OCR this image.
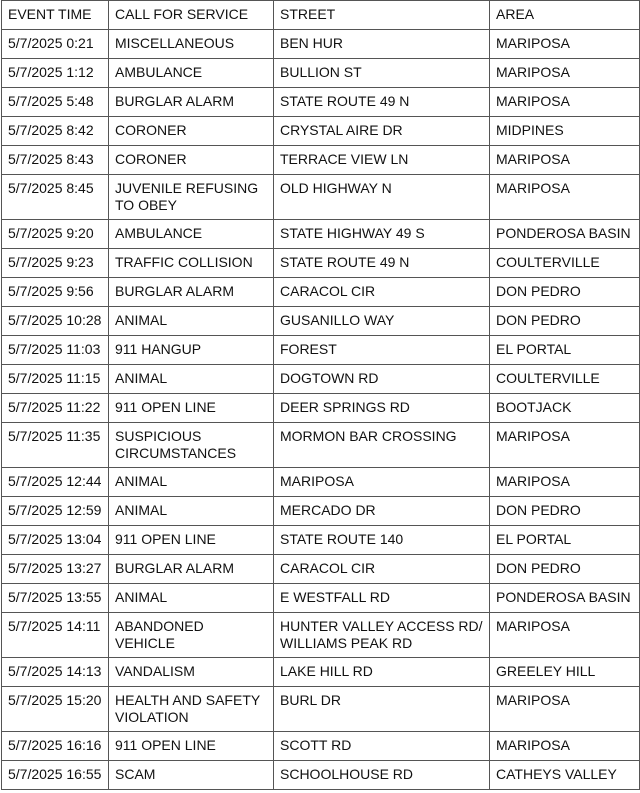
EVENT TIME	CALL FOR SERVICE	STREET	AREA
5/7/2025 0:21	MISCELLANEOUS	BEN HUR	MARIPOSA
5/7/2025 1:12	AMBULANCE	BULLION ST	MARIPOSA
5/7/2025 5:48	BURGLAR ALARM	STATE ROUTE 49 N	MARIPOSA
5/7/2025 8:42	CORONER	CRYSTAL AIRE DR	MIDPINES
5/7/2025 8:43	CORONER	TERRACE VIEW LN	MARIPOSA
5/7/2025 8:45	JUVENILE REFUSING TO OBEY	OLD HIGHWAY N	MARIPOSA
5/7/2025 9:20	AMBULANCE	STATE HIGHWAY 49 S	PONDEROSA BASIN
5/7/2025 9:23	TRAFFIC COLLISION	STATE ROUTE 49 N	COULTERVILLE
5/7/2025 9:56	BURGLAR ALARM	CARACOL CIR	DON PEDRO
5/7/2025 10:28	ANIMAL	GUSANILLO WAY	DON PEDRO
5/7/2025 11:03	911 HANGUP	FOREST	EL PORTAL
5/7/2025 11:15	ANIMAL	DOGTOWN RD	COULTERVILLE
5/7/2025 11:22	911 OPEN LINE	DEER SPRINGS RD	BOOTJACK
5/7/2025 11:35	SUSPICIOUS CIRCUMSTANCES	MORMON BAR CROSSING	MARIPOSA
5/7/2025 12:44	ANIMAL	MARIPOSA	MARIPOSA
5/7/2025 12:59	ANIMAL	MERCADO DR	DON PEDRO
5/7/2025 13:04	911 OPEN LINE	STATE ROUTE 140	EL PORTAL
5/7/2025 13:27	BURGLAR ALARM	CARACOL CIR	DON PEDRO
5/7/2025 13:55	ANIMAL	E WESTFALL RD	PONDEROSA BASIN
5/7/2025 14:11	ABANDONED VEHICLE	HUNTER VALLEY ACCESS RD/ WILLIAMS PEAK RD	MARIPOSA
5/7/2025 14:13	VANDALISM	LAKE HILL RD	GREELEY HILL
5/7/2025 15:20	HEALTH AND SAFETY VIOLATION	BURL DR	MARIPOSA
5/7/2025 16:16	911 OPEN LINE	SCOTT RD	MARIPOSA
5/7/2025 16:55	SCAM	SCHOOLHOUSE RD	CATHEYS VALLEY
